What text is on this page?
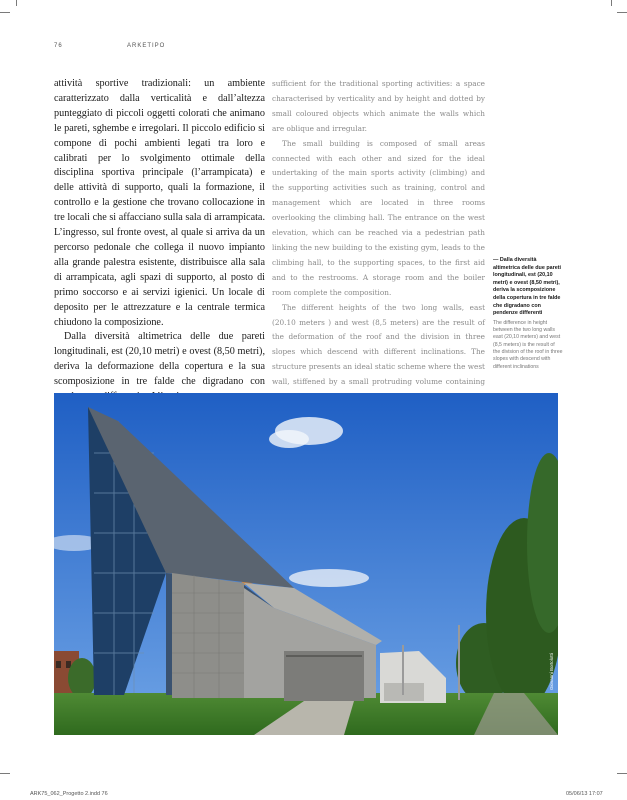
76	ARKETIPO

attività sportive tradizionali: un ambiente caratterizzato dalla verticalità e dall’altezza punteggiato di piccoli oggetti colorati che animano le pareti, sghembe e irregolari. Il piccolo edificio si compone di pochi ambienti legati tra loro e calibrati per lo svolgimento ottimale della disciplina sportiva principale (l’arrampicata) e delle attività di supporto, quali la formazione, il controllo e la gestione che trovano collocazione in tre locali che si affacciano sulla sala di arrampicata. L’ingresso, sul fronte ovest, al quale si arriva da un percorso pedonale che collega il nuovo impianto alla grande palestra esistente, distribuisce alla sala di arrampicata, agli spazi di supporto, al posto di primo soccorso e ai servizi igienici. Un locale di deposito per le attrezzature e la centrale termica chiudono la composizione.

Dalla diversità altimetrica delle due pareti longitudinali, est (20,10 metri) e ovest (8,50 metri), deriva la deformazione della copertura e la sua scomposizione in tre falde che digradano con

sufficient for the traditional sporting activities: a space characterised by verticality and by height and dotted by small coloured objects which animate the walls which are oblique and irregular.

The small building is composed of small areas connected with each other and sized for the ideal undertaking of the main sports activity (climbing) and the supporting activities such as training, control and management which are located in three rooms overlooking the climbing hall. The entrance on the west elevation, which can be reached via a pedestrian path linking the new building to the existing gym, leads to the climbing hall, to the supporting spaces, to the first aid and to the restrooms. A storage room and the boiler room complete the composition.

The different heights of the two long walls, east (20.10 meters ) and west (8,5 meters) are the result of the deformation of the roof and the division in three slopes which descend with different inclinations. The structure presents an ideal static scheme where the west wall, stiffened by a small protruding volume containing

— Dalla diversità altimetrica delle due pareti longitudinali, est (20,10 metri) e ovest (8,50 metri), deriva la scomposizione della copertura in tre falde che digradano con pendenze differenti
The difference in height between the two long walls east (20,10 meters) and west (8,5 meters) is the result of the division of the roof in three slopes with descend with different inclinations
Giovanni Bortolotti
ARK75_062_Progetto 2.indd 76	05/06/13 17:07
